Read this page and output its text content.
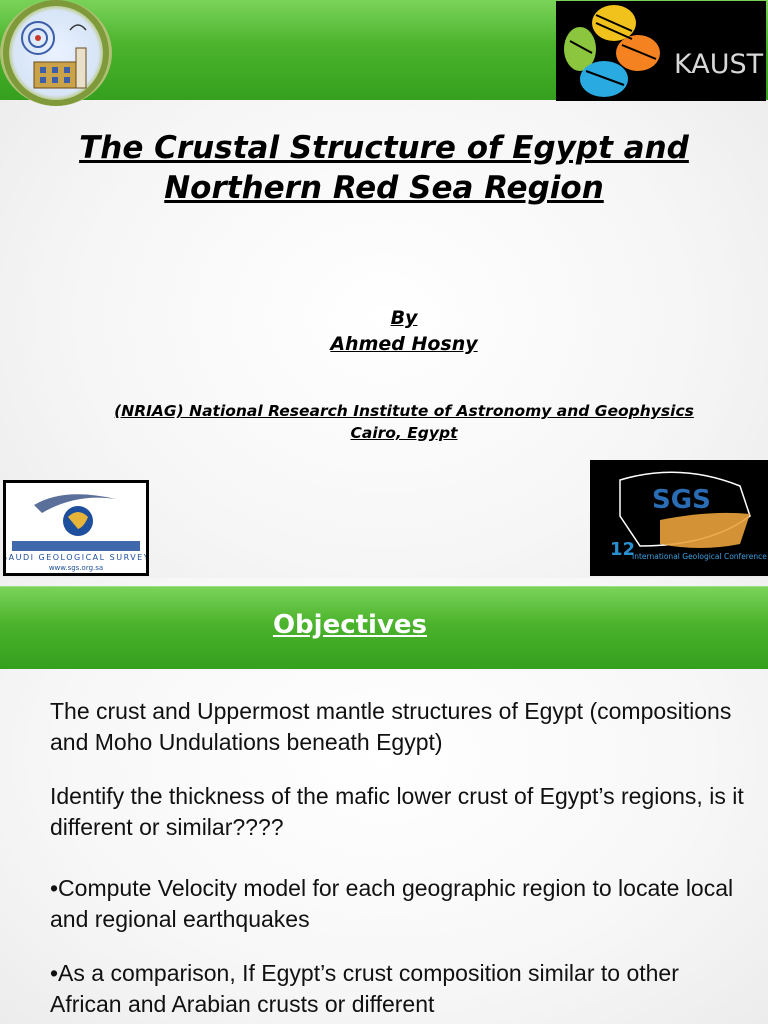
KAUST
The Crustal Structure of Egypt and
Northern Red Sea Region
By
Ahmed Hosny
(NRIAG) National Research Institute of Astronomy and Geophysics
Cairo, Egypt
SAUDI GEOLOGICAL SURVEY
www.sgs.org.sa
SGS
12
International Geological Conference
Objectives

The crust and Uppermost mantle structures of Egypt (compositions and Moho Undulations beneath Egypt)

Identify the thickness of the mafic lower crust of Egypt’s regions, is it different or similar????

•Compute Velocity model for each geographic region to locate local and regional earthquakes

•As a comparison, If Egypt’s crust composition similar to other African and Arabian crusts or different
